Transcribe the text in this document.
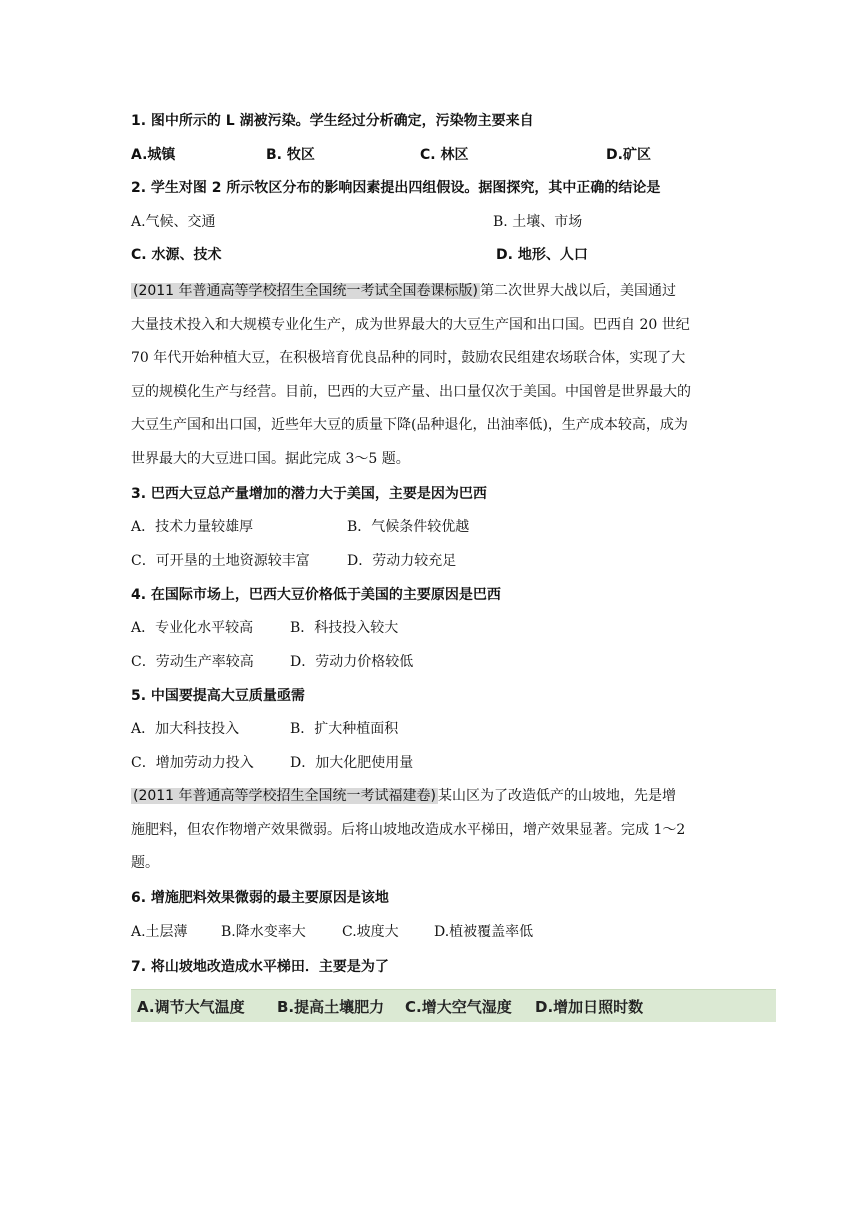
1. 图中所示的 L 湖被污染。学生经过分析确定，污染物主要来自
A.城镇	B. 牧区	C. 林区	D.矿区
2. 学生对图 2 所示牧区分布的影响因素提出四组假设。据图探究，其中正确的结论是
A.气候、交通	B. 土壤、市场
C. 水源、技术	D. 地形、人口
(2011 年普通高等学校招生全国统一考试全国卷课标版) 第二次世界大战以后，美国通过
大量技术投入和大规模专业化生产，成为世界最大的大豆生产国和出口国。巴西自 20 世纪
70 年代开始种植大豆，在积极培育优良品种的同时，鼓励农民组建农场联合体，实现了大
豆的规模化生产与经营。目前，巴西的大豆产量、出口量仅次于美国。中国曾是世界最大的
大豆生产国和出口国，近些年大豆的质量下降(品种退化，出油率低)，生产成本较高，成为
世界最大的大豆进口国。据此完成 3～5 题。
3. 巴西大豆总产量增加的潜力大于美国，主要是因为巴西
A．技术力量较雄厚	B．气候条件较优越
C．可开垦的土地资源较丰富	D．劳动力较充足
4. 在国际市场上，巴西大豆价格低于美国的主要原因是巴西
A．专业化水平较高	B．科技投入较大
C．劳动生产率较高	D．劳动力价格较低
5. 中国要提高大豆质量亟需
A．加大科技投入	B．扩大种植面积
C．增加劳动力投入	D．加大化肥使用量
(2011 年普通高等学校招生全国统一考试福建卷) 某山区为了改造低产的山坡地，先是增
施肥料，但农作物增产效果微弱。后将山坡地改造成水平梯田，增产效果显著。完成 1～2
题。
6. 增施肥料效果微弱的最主要原因是该地
A.土层薄 B.降水变率大	C.坡度大	D.植被覆盖率低
7. 将山坡地改造成水平梯田．主要是为了
A.调节大气温度 B.提高土壤肥力 C.增大空气湿度 D.增加日照时数
